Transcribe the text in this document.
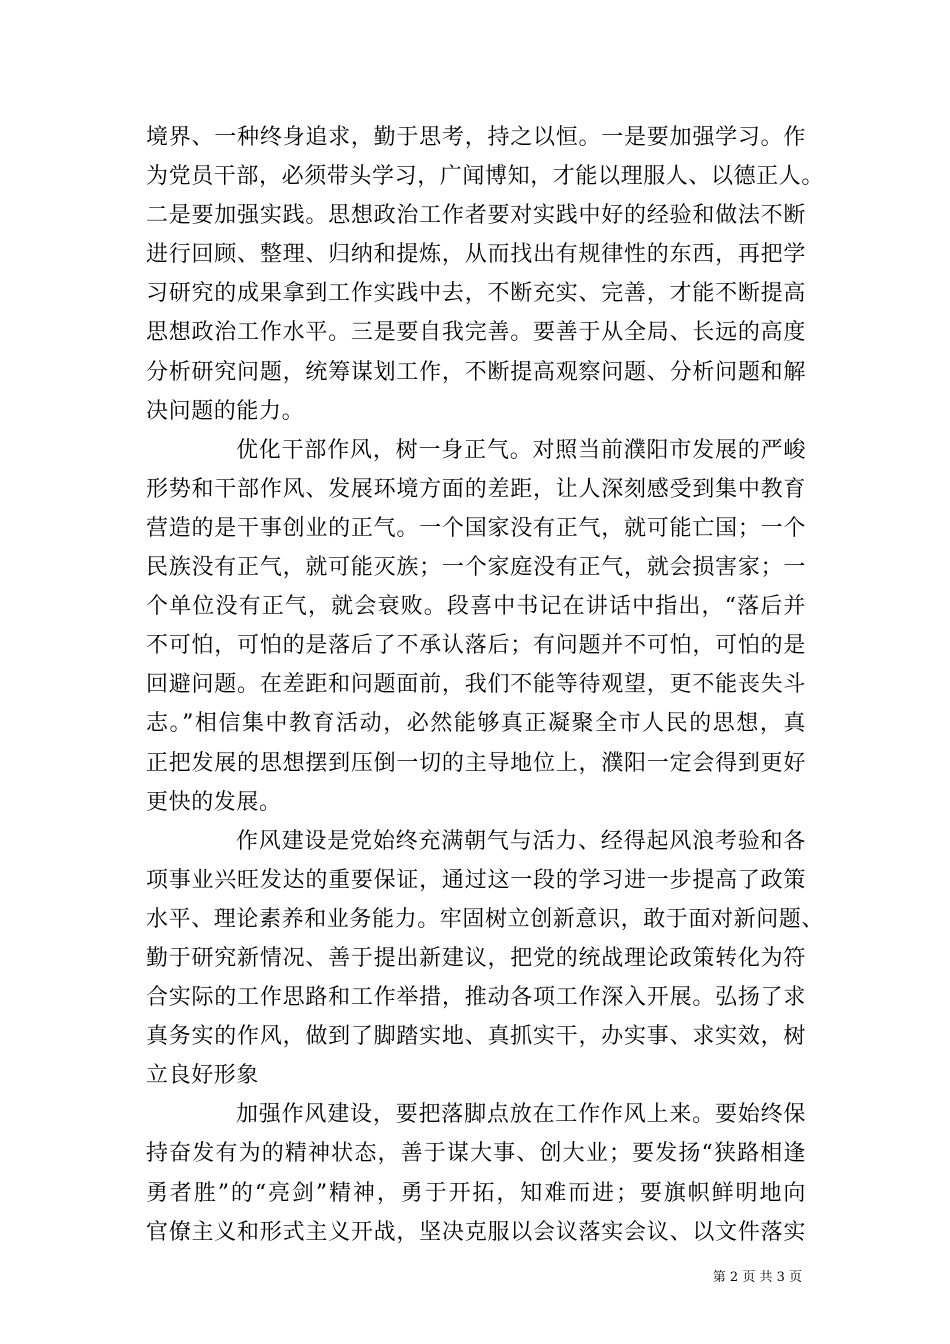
境界、一种终身追求，勤于思考，持之以恒。一是要加强学习。作
为党员干部，必须带头学习，广闻博知，才能以理服人、以德正人。
二是要加强实践。思想政治工作者要对实践中好的经验和做法不断
进行回顾、整理、归纳和提炼，从而找出有规律性的东西，再把学
习研究的成果拿到工作实践中去，不断充实、完善，才能不断提高
思想政治工作水平。三是要自我完善。要善于从全局、长远的高度
分析研究问题，统筹谋划工作，不断提高观察问题、分析问题和解
决问题的能力。
优化干部作风，树一身正气。对照当前濮阳市发展的严峻
形势和干部作风、发展环境方面的差距，让人深刻感受到集中教育
营造的是干事创业的正气。一个国家没有正气，就可能亡国；一个
民族没有正气，就可能灭族；一个家庭没有正气，就会损害家；一
个单位没有正气，就会衰败。段喜中书记在讲话中指出，“落后并
不可怕，可怕的是落后了不承认落后；有问题并不可怕，可怕的是
回避问题。在差距和问题面前，我们不能等待观望，更不能丧失斗
志。”相信集中教育活动，必然能够真正凝聚全市人民的思想，真
正把发展的思想摆到压倒一切的主导地位上，濮阳一定会得到更好
更快的发展。
作风建设是党始终充满朝气与活力、经得起风浪考验和各
项事业兴旺发达的重要保证，通过这一段的学习进一步提高了政策
水平、理论素养和业务能力。牢固树立创新意识，敢于面对新问题、
勤于研究新情况、善于提出新建议，把党的统战理论政策转化为符
合实际的工作思路和工作举措，推动各项工作深入开展。弘扬了求
真务实的作风，做到了脚踏实地、真抓实干，办实事、求实效，树
立良好形象
加强作风建设，要把落脚点放在工作作风上来。要始终保
持奋发有为的精神状态，善于谋大事、创大业；要发扬“狭路相逢
勇者胜”的“亮剑”精神，勇于开拓，知难而进；要旗帜鲜明地向
官僚主义和形式主义开战，坚决克服以会议落实会议、以文件落实
第 2 页 共 3 页
